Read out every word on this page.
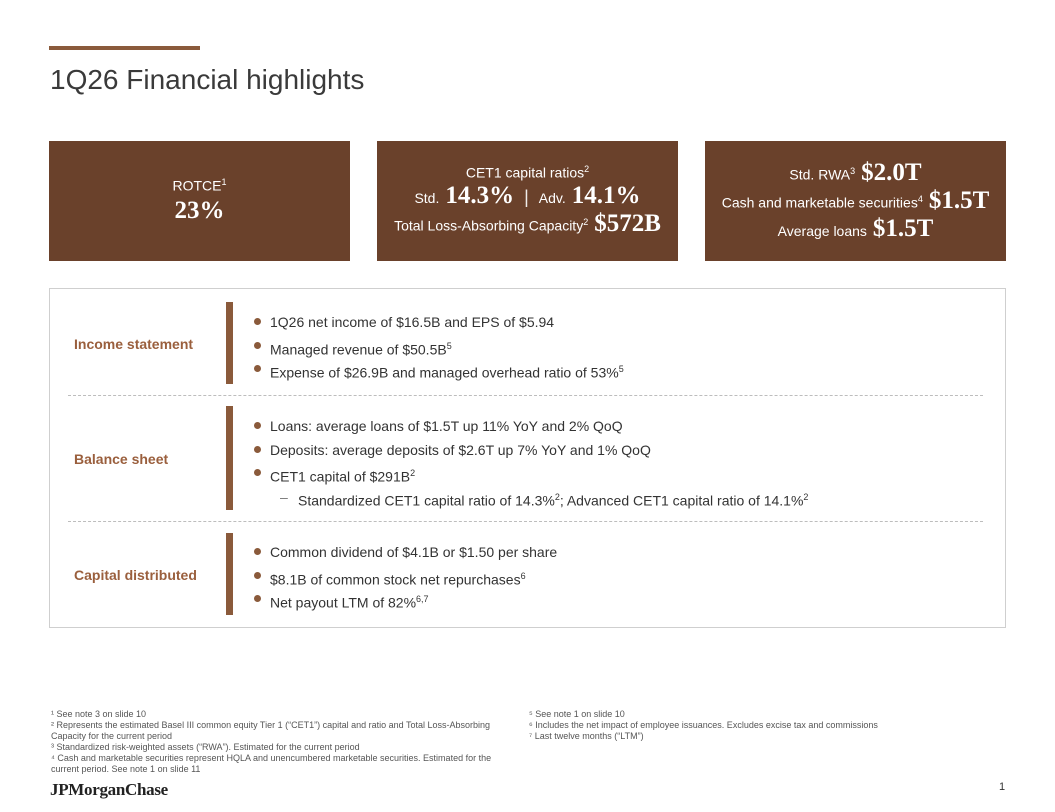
1Q26 Financial highlights
ROTCE$^1$
23%
CET1 capital ratios$^2$
Std. 14.3% | Adv. 14.1%
Total Loss-Absorbing Capacity$^2$ $572B
Std. RWA$^3$ $2.0T
Cash and marketable securities$^4$ $1.5T
Average loans $1.5T
Income statement
1Q26 net income of $16.5B and EPS of $5.94
Managed revenue of $\$50.5B^5$
Expense of $26.9B and managed overhead ratio of 53%$^5$
Balance sheet
Loans: average loans of $1.5T up 11% YoY and 2% QoQ
Deposits: average deposits of $2.6T up 7% YoY and 1% QoQ
CET1 capital of $\$291B^2$
– Standardized CET1 capital ratio of 14.3%$^2$; Advanced CET1 capital ratio of 14.1%$^2$
Capital distributed
Common dividend of $4.1B or $1.50 per share
$8.1B of common stock net repurchases$^6$
Net payout LTM of 82%$^{6,7}$
¹ See note 3 on slide 10
² Represents the estimated Basel III common equity Tier 1 (“CET1”) capital and ratio and Total Loss-Absorbing Capacity for the current period
³ Standardized risk-weighted assets (“RWA”). Estimated for the current period
⁴ Cash and marketable securities represent HQLA and unencumbered marketable securities. Estimated for the current period. See note 1 on slide 11
⁵ See note 1 on slide 10
⁶ Includes the net impact of employee issuances. Excludes excise tax and commissions
⁷ Last twelve months (“LTM”)
JPMorganChase	1
